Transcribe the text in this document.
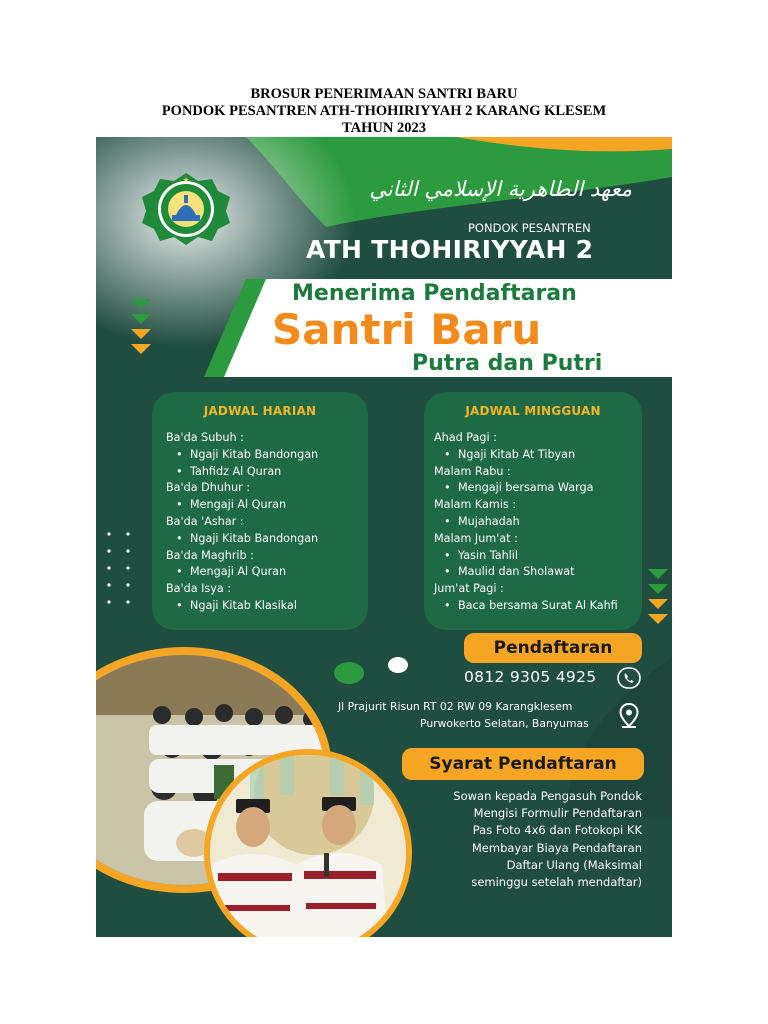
BROSUR PENERIMAAN SANTRI BARU
PONDOK PESANTREN ATH-THOHIRIYYAH 2 KARANG KLESEM
TAHUN 2023
معهد الطاهرية الإسلامي الثاني
PONDOK PESANTREN
ATH THOHIRIYYAH 2
Menerima Pendaftaran
Santri Baru
Putra dan Putri
JADWAL HARIAN
Ba'da Subuh :
• Ngaji Kitab Bandongan
• Tahfidz Al Quran
Ba'da Dhuhur :
• Mengaji Al Quran
Ba'da 'Ashar :
• Ngaji Kitab Bandongan
Ba'da Maghrib :
• Mengaji Al Quran
Ba'da Isya :
• Ngaji Kitab Klasikal
JADWAL MINGGUAN
Ahad Pagi :
• Ngaji Kitab At Tibyan
Malam Rabu :
• Mengaji bersama Warga
Malam Kamis :
• Mujahadah
Malam Jum'at :
• Yasin Tahlil
• Maulid dan Sholawat
Jum'at Pagi :
• Baca bersama Surat Al Kahfi
Pendaftaran
0812 9305 4925
Jl Prajurit Risun RT 02 RW 09 Karangklesem
Purwokerto Selatan, Banyumas
Syarat Pendaftaran
Sowan kepada Pengasuh Pondok
Mengisi Formulir Pendaftaran
Pas Foto 4x6 dan Fotokopi KK
Membayar Biaya Pendaftaran
Daftar Ulang (Maksimal
seminggu setelah mendaftar)
